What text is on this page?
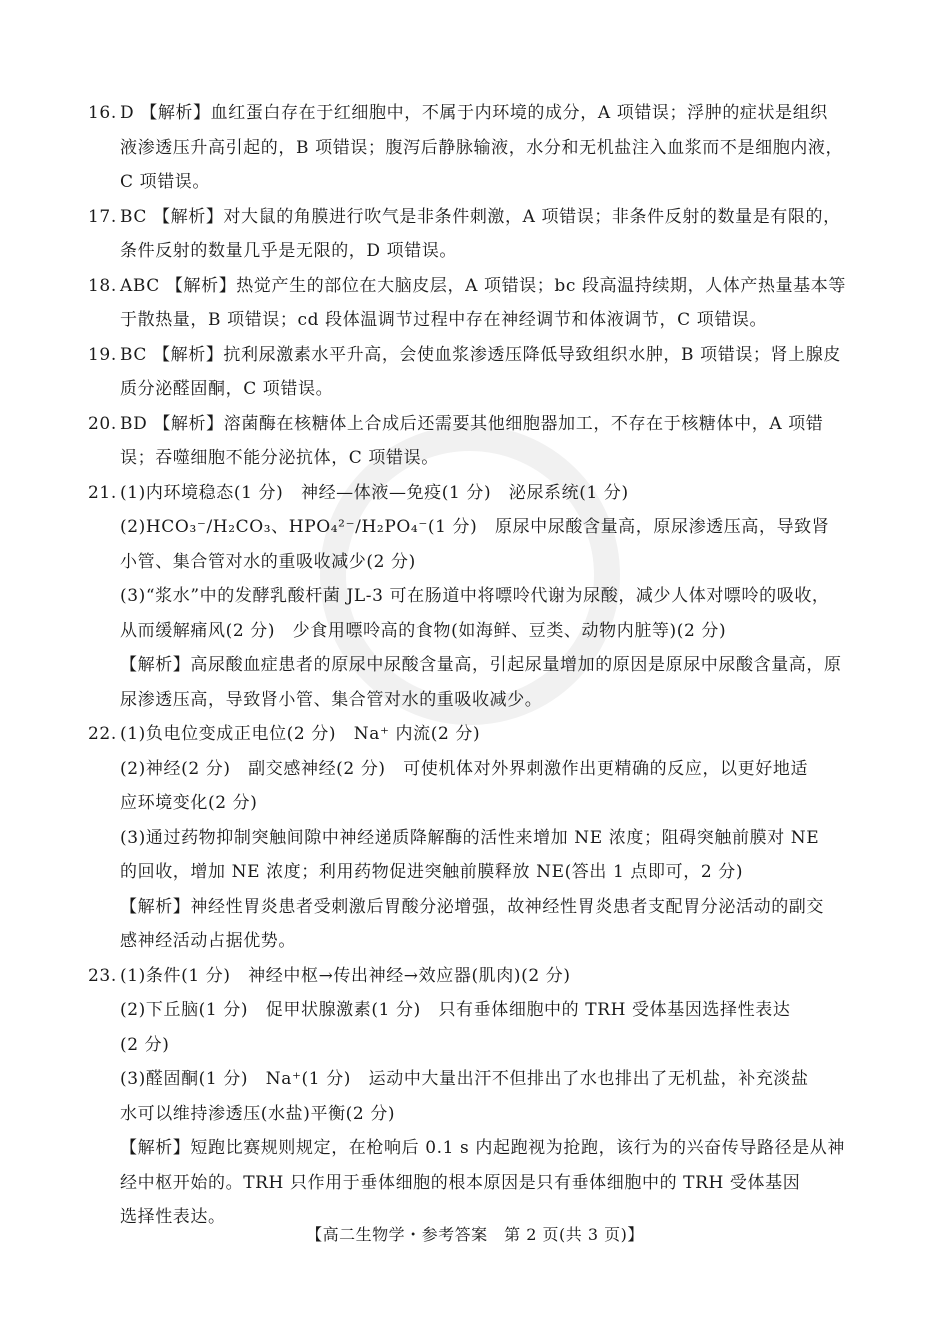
16. D 【解析】血红蛋白存在于红细胞中，不属于内环境的成分，A 项错误；浮肿的症状是组织
液渗透压升高引起的，B 项错误；腹泻后静脉输液，水分和无机盐注入血浆而不是细胞内液，
C 项错误。
17. BC 【解析】对大鼠的角膜进行吹气是非条件刺激，A 项错误；非条件反射的数量是有限的，
条件反射的数量几乎是无限的，D 项错误。
18. ABC 【解析】热觉产生的部位在大脑皮层，A 项错误；bc 段高温持续期，人体产热量基本等
于散热量，B 项错误；cd 段体温调节过程中存在神经调节和体液调节，C 项错误。
19. BC 【解析】抗利尿激素水平升高，会使血浆渗透压降低导致组织水肿，B 项错误；肾上腺皮
质分泌醛固酮，C 项错误。
20. BD 【解析】溶菌酶在核糖体上合成后还需要其他细胞器加工，不存在于核糖体中，A 项错
误；吞噬细胞不能分泌抗体，C 项错误。
21. (1)内环境稳态(1 分)　神经—体液—免疫(1 分)　泌尿系统(1 分)
(2)HCO₃⁻/H₂CO₃、HPO₄²⁻/H₂PO₄⁻(1 分)　原尿中尿酸含量高，原尿渗透压高，导致肾
小管、集合管对水的重吸收减少(2 分)
(3)“浆水”中的发酵乳酸杆菌 JL-3 可在肠道中将嘌呤代谢为尿酸，减少人体对嘌呤的吸收，
从而缓解痛风(2 分)　少食用嘌呤高的食物(如海鲜、豆类、动物内脏等)(2 分)
【解析】高尿酸血症患者的原尿中尿酸含量高，引起尿量增加的原因是原尿中尿酸含量高，原
尿渗透压高，导致肾小管、集合管对水的重吸收减少。
22. (1)负电位变成正电位(2 分)　Na⁺ 内流(2 分)
(2)神经(2 分)　副交感神经(2 分)　可使机体对外界刺激作出更精确的反应，以更好地适
应环境变化(2 分)
(3)通过药物抑制突触间隙中神经递质降解酶的活性来增加 NE 浓度；阻碍突触前膜对 NE
的回收，增加 NE 浓度；利用药物促进突触前膜释放 NE(答出 1 点即可，2 分)
【解析】神经性胃炎患者受刺激后胃酸分泌增强，故神经性胃炎患者支配胃分泌活动的副交
感神经活动占据优势。
23. (1)条件(1 分)　神经中枢→传出神经→效应器(肌肉)(2 分)
(2)下丘脑(1 分)　促甲状腺激素(1 分)　只有垂体细胞中的 TRH 受体基因选择性表达
(2 分)
(3)醛固酮(1 分)　Na⁺(1 分)　运动中大量出汗不但排出了水也排出了无机盐，补充淡盐
水可以维持渗透压(水盐)平衡(2 分)
【解析】短跑比赛规则规定，在枪响后 0.1 s 内起跑视为抢跑，该行为的兴奋传导路径是从神
经中枢开始的。TRH 只作用于垂体细胞的根本原因是只有垂体细胞中的 TRH 受体基因
选择性表达。
【高二生物学・参考答案　第 2 页(共 3 页)】
